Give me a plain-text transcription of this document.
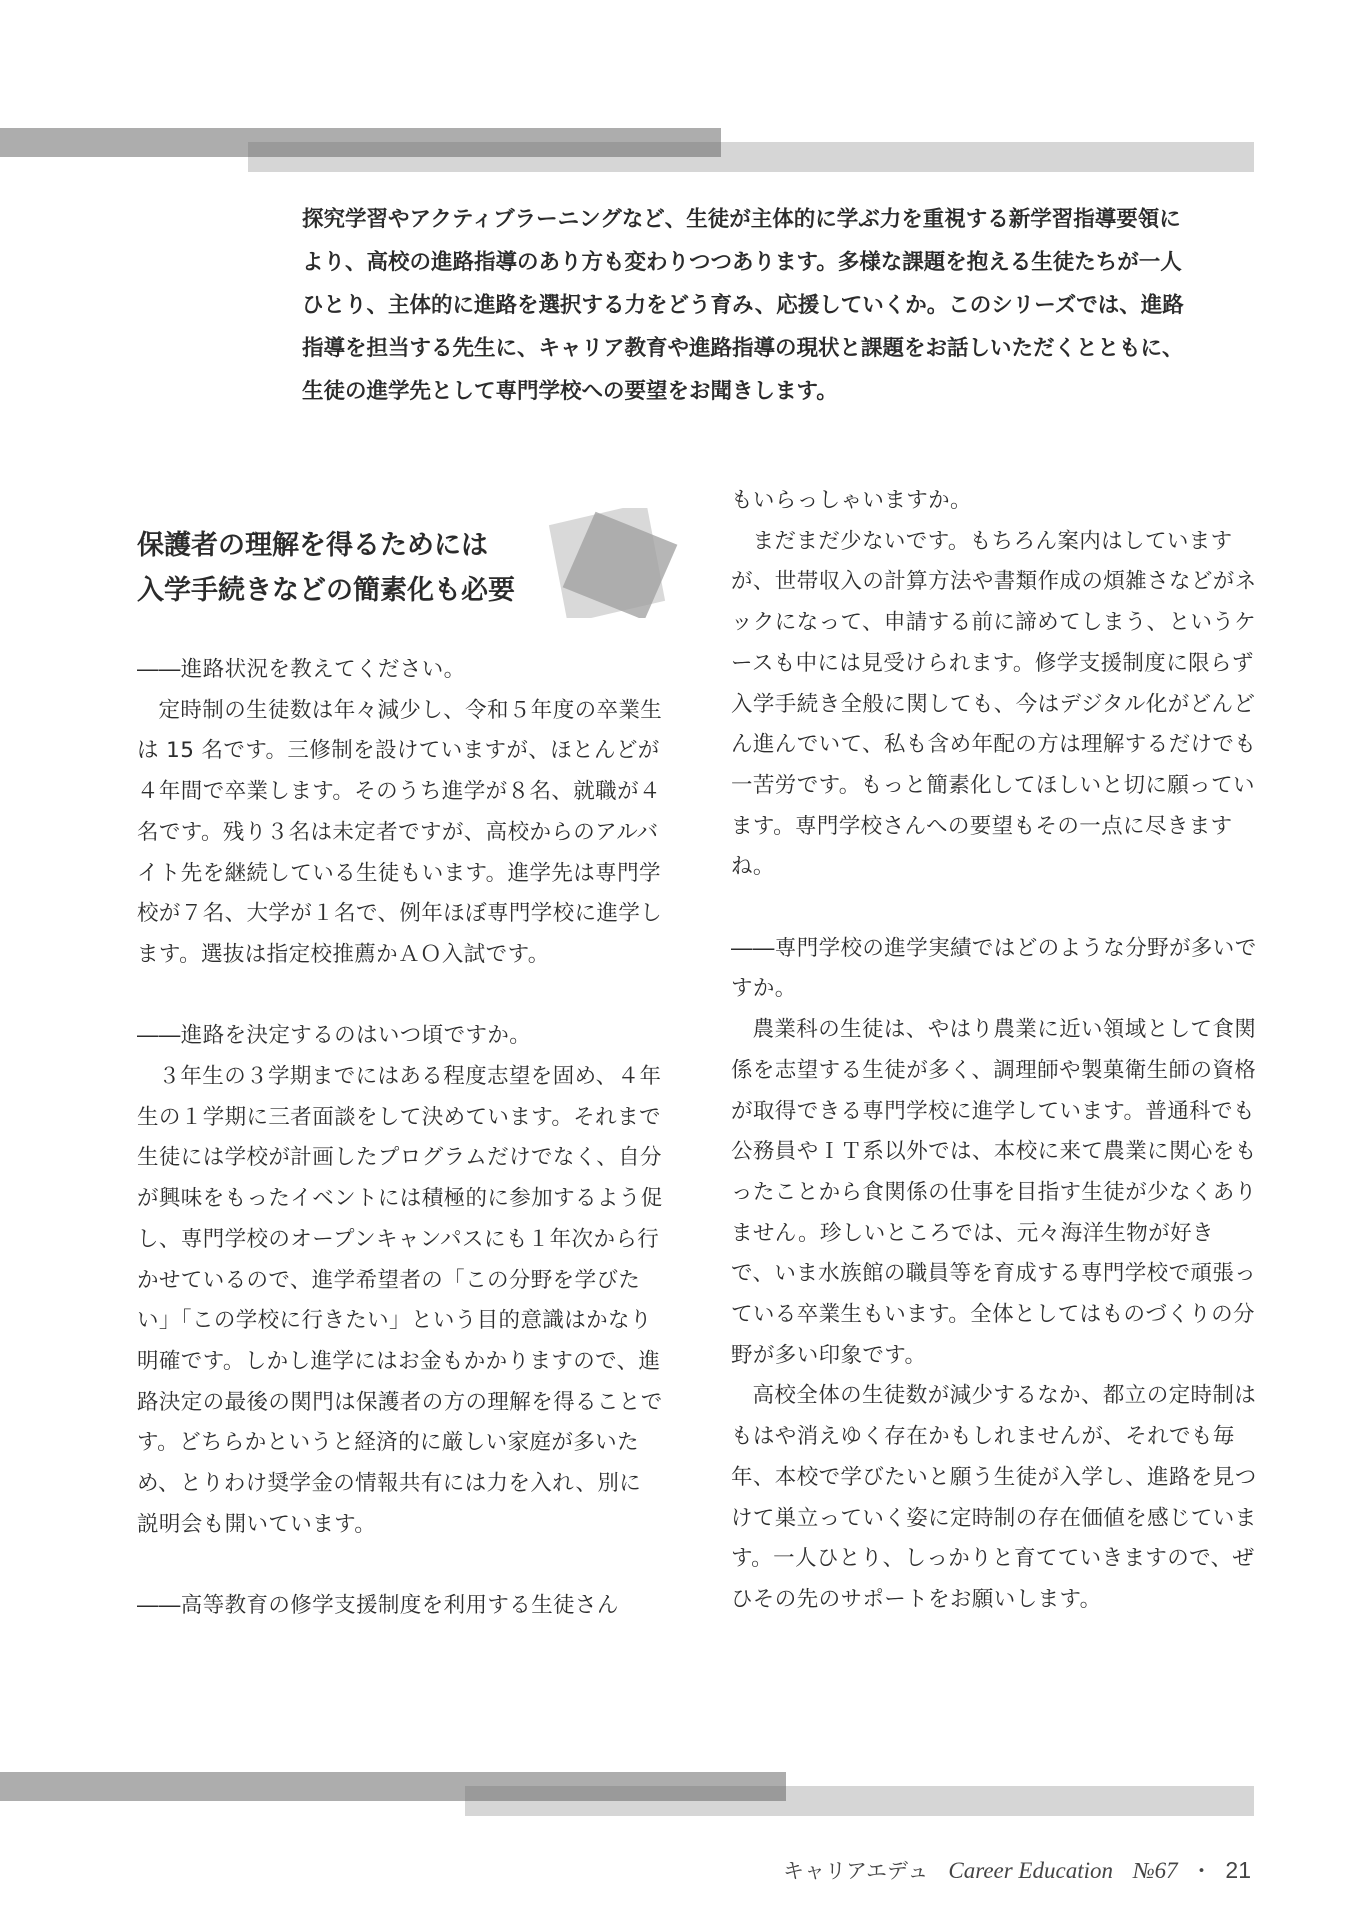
探究学習やアクティブラーニングなど、生徒が主体的に学ぶ力を重視する新学習指導要領により、高校の進路指導のあり方も変わりつつあります。多様な課題を抱える生徒たちが一人ひとり、主体的に進路を選択する力をどう育み、応援していくか。このシリーズでは、進路指導を担当する先生に、キャリア教育や進路指導の現状と課題をお話しいただくとともに、生徒の進学先として専門学校への要望をお聞きします。

保護者の理解を得るためには
入学手続きなどの簡素化も必要

――進路状況を教えてください。

定時制の生徒数は年々減少し、令和５年度の卒業生は 15 名です。三修制を設けていますが、ほとんどが４年間で卒業します。そのうち進学が８名、就職が４名です。残り３名は未定者ですが、高校からのアルバイト先を継続している生徒もいます。進学先は専門学校が７名、大学が１名で、例年ほぼ専門学校に進学します。選抜は指定校推薦かＡＯ入試です。

――進路を決定するのはいつ頃ですか。

３年生の３学期までにはある程度志望を固め、４年生の１学期に三者面談をして決めています。それまで生徒には学校が計画したプログラムだけでなく、自分が興味をもったイベントには積極的に参加するよう促し、専門学校のオープンキャンパスにも１年次から行かせているので、進学希望者の「この分野を学びたい」「この学校に行きたい」という目的意識はかなり明確です。しかし進学にはお金もかかりますので、進路決定の最後の関門は保護者の方の理解を得ることです。どちらかというと経済的に厳しい家庭が多いため、とりわけ奨学金の情報共有には力を入れ、別に説明会も開いています。

――高等教育の修学支援制度を利用する生徒さん

もいらっしゃいますか。

まだまだ少ないです。もちろん案内はしていますが、世帯収入の計算方法や書類作成の煩雑さなどがネックになって、申請する前に諦めてしまう、というケースも中には見受けられます。修学支援制度に限らず入学手続き全般に関しても、今はデジタル化がどんどん進んでいて、私も含め年配の方は理解するだけでも一苦労です。もっと簡素化してほしいと切に願っています。専門学校さんへの要望もその一点に尽きますね。

――専門学校の進学実績ではどのような分野が多いですか。

農業科の生徒は、やはり農業に近い領域として食関係を志望する生徒が多く、調理師や製菓衛生師の資格が取得できる専門学校に進学しています。普通科でも公務員やＩＴ系以外では、本校に来て農業に関心をもったことから食関係の仕事を目指す生徒が少なくありません。珍しいところでは、元々海洋生物が好きで、いま水族館の職員等を育成する専門学校で頑張っている卒業生もいます。全体としてはものづくりの分野が多い印象です。

高校全体の生徒数が減少するなか、都立の定時制はもはや消えゆく存在かもしれませんが、それでも毎年、本校で学びたいと願う生徒が入学し、進路を見つけて巣立っていく姿に定時制の存在価値を感じています。一人ひとり、しっかりと育てていきますので、ぜひその先のサポートをお願いします。

キャリアエデュ Career Education №67 ・ 21
